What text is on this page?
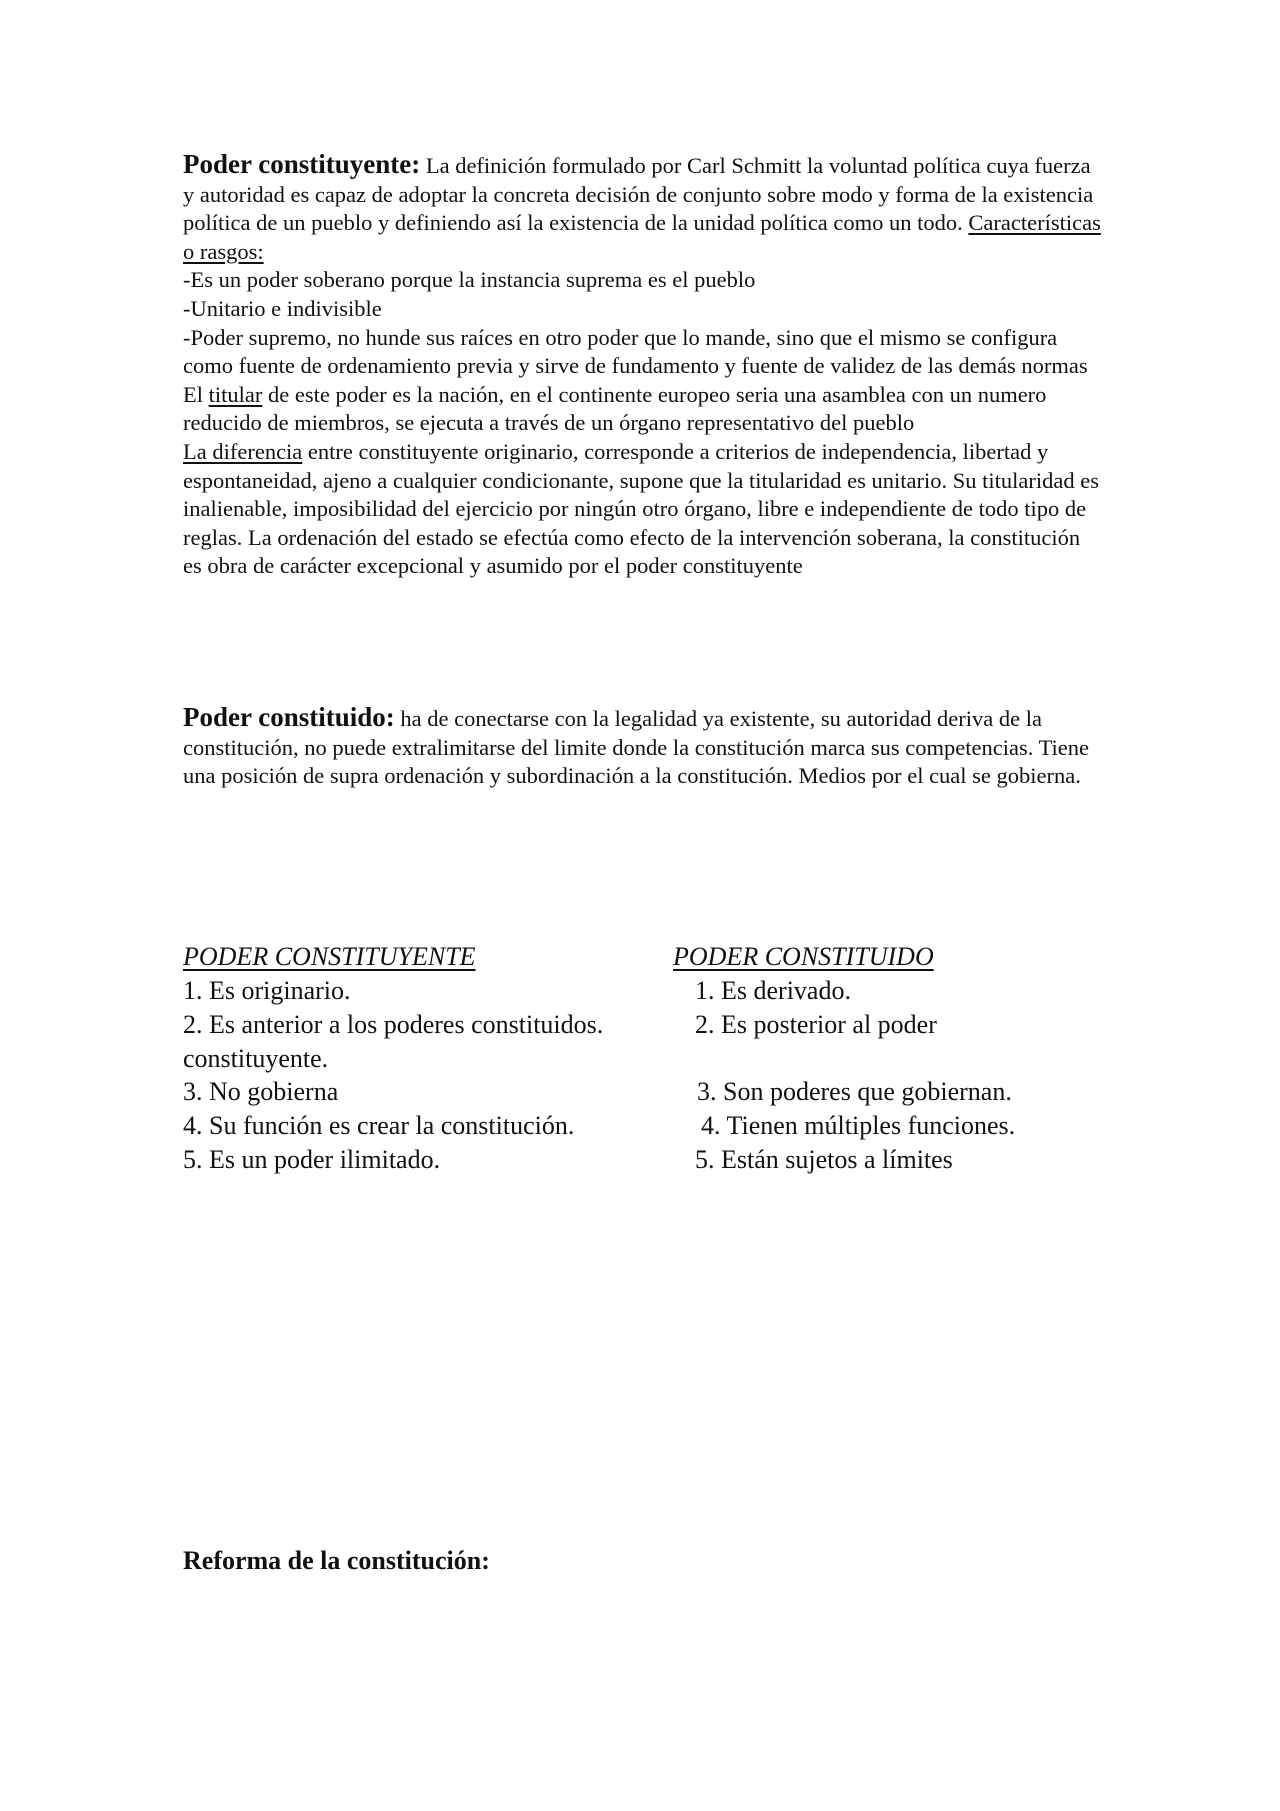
Poder constituyente: La definición formulado por Carl Schmitt la voluntad política cuya fuerza y autoridad es capaz de adoptar la concreta decisión de conjunto sobre modo y forma de la existencia política de un pueblo y definiendo así la existencia de la unidad política como un todo. Características o rasgos:

-Es un poder soberano porque la instancia suprema es el pueblo

-Unitario e indivisible

-Poder supremo, no hunde sus raíces en otro poder que lo mande, sino que el mismo se configura como fuente de ordenamiento previa y sirve de fundamento y fuente de validez de las demás normas

El titular de este poder es la nación, en el continente europeo seria una asamblea con un numero reducido de miembros, se ejecuta a través de un órgano representativo del pueblo

La diferencia entre constituyente originario, corresponde a criterios de independencia, libertad y espontaneidad, ajeno a cualquier condicionante, supone que la titularidad es unitario. Su titularidad es inalienable, imposibilidad del ejercicio por ningún otro órgano, libre e independiente de todo tipo de reglas. La ordenación del estado se efectúa como efecto de la intervención soberana, la constitución es obra de carácter excepcional y asumido por el poder constituyente

Poder constituido: ha de conectarse con la legalidad ya existente, su autoridad deriva de la constitución, no puede extralimitarse del limite donde la constitución marca sus competencias. Tiene una posición de supra ordenación y subordinación a la constitución. Medios por el cual se gobierna.

PODER CONSTITUYENTE	PODER CONSTITUIDO
1. Es originario.	1. Es derivado.
2. Es anterior a los poderes constituidos.	2. Es posterior al poder
constituyente.
3. No gobierna	3. Son poderes que gobiernan.
4. Su función es crear la constitución.	4. Tienen múltiples funciones.
5. Es un poder ilimitado.	5. Están sujetos a límites
Reforma de la constitución:
